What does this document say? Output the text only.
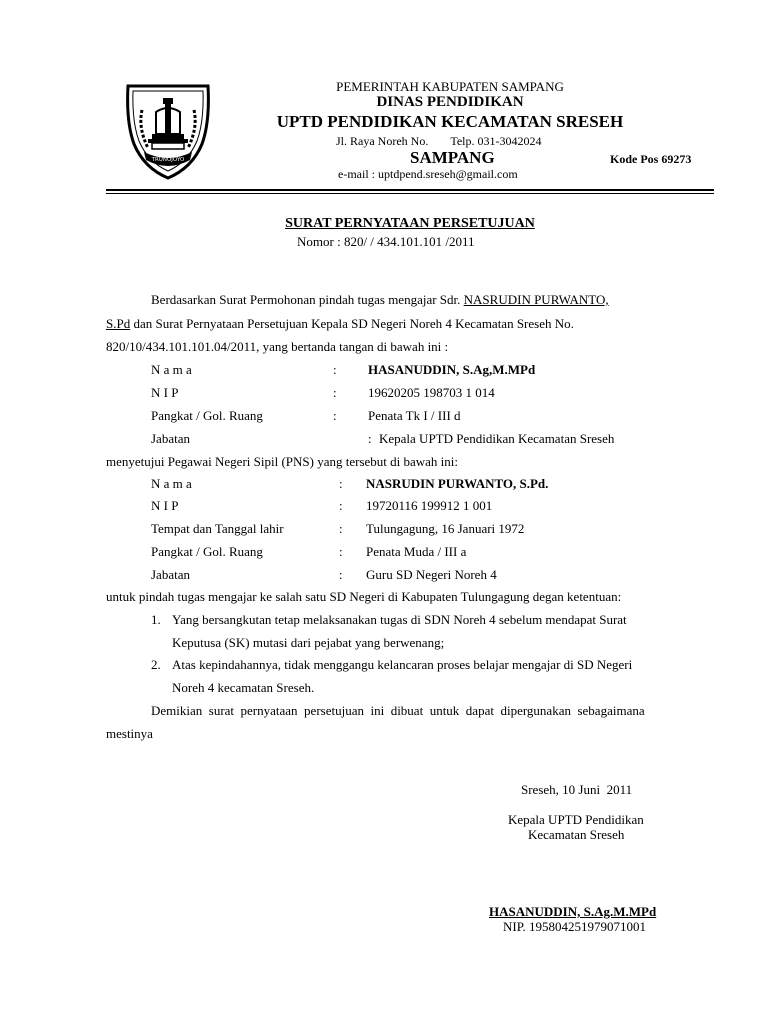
TRUNOJOYO
PEMERINTAH KABUPATEN SAMPANG
DINAS PENDIDIKAN
UPTD PENDIDIKAN KECAMATAN SRESEH
Jl. Raya Noreh No. Telp. 031-3042024
SAMPANG	Kode Pos 69273
e-mail : uptdpend.sreseh@gmail.com
SURAT PERNYATAAN PERSETUJUAN
Nomor : 820/ / 434.101.101 /2011
Berdasarkan Surat Permohonan pindah tugas mengajar Sdr. NASRUDIN PURWANTO,
S.Pd dan Surat Pernyataan Persetujuan Kepala SD Negeri Noreh 4 Kecamatan Sreseh No.
820/10/434.101.101.04/2011, yang bertanda tangan di bawah ini :
N a m a	: HASANUDDIN, S.Ag,M.MPd
N I P	: 19620205 198703 1 014
Pangkat / Gol. Ruang	: Penata Tk I / III d
Jabatan	: Kepala UPTD Pendidikan Kecamatan Sreseh
menyetujui Pegawai Negeri Sipil (PNS) yang tersebut di bawah ini:
N a m a	: NASRUDIN PURWANTO, S.Pd.
N I P	: 19720116 199912 1 001
Tempat dan Tanggal lahir	: Tulungagung, 16 Januari 1972
Pangkat / Gol. Ruang	: Penata Muda / III a
Jabatan	: Guru SD Negeri Noreh 4
untuk pindah tugas mengajar ke salah satu SD Negeri di Kabupaten Tulungagung degan ketentuan:
1. Yang bersangkutan tetap melaksanakan tugas di SDN Noreh 4 sebelum mendapat Surat
Keputusa (SK) mutasi dari pejabat yang berwenang;
2. Atas kepindahannya, tidak menggangu kelancaran proses belajar mengajar di SD Negeri
Noreh 4 kecamatan Sreseh.
Demikian  surat  pernyataan  persetujuan  ini  dibuat  untuk  dapat  dipergunakan  sebagaimana
mestinya
Sreseh, 10 Juni  2011
Kepala UPTD Pendidikan
Kecamatan Sreseh
HASANUDDIN, S.Ag.M.MPd
NIP. 195804251979071001
